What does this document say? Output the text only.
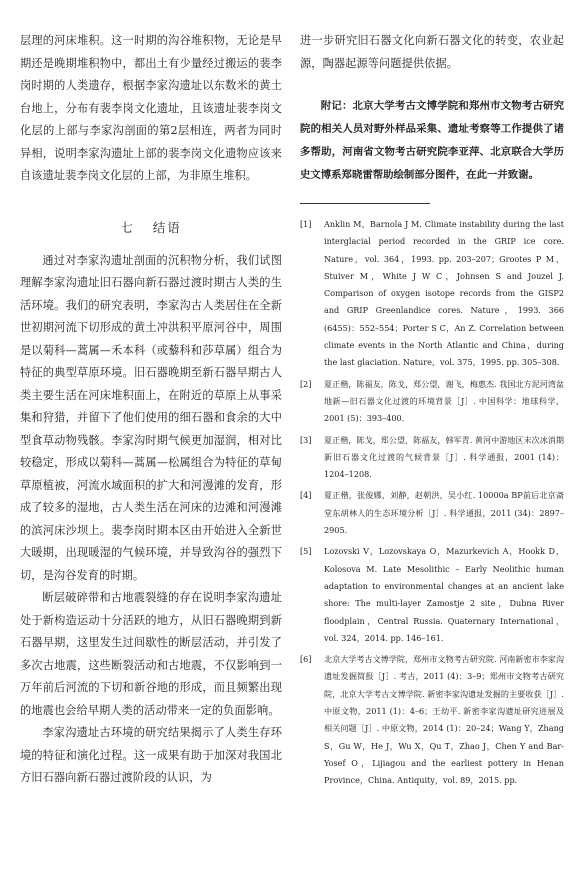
层理的河床堆积。这一时期的沟谷堆积物，无论是早期还是晚期堆积物中，都出土有少量经过搬运的裴李岗时期的人类遗存，根据李家沟遗址以东数米的黄土台地上，分布有裴李岗文化遗址，且该遗址裴李岗文化层的上部与李家沟剖面的第2层相连，两者为同时异相，说明李家沟遗址上部的裴李岗文化遗物应该来自该遗址裴李岗文化层的上部，为非原生堆积。

七 结语

通过对李家沟遗址剖面的沉积物分析，我们试图理解李家沟遗址旧石器向新石器过渡时期古人类的生活环境。我们的研究表明，李家沟古人类居住在全新世初期河流下切形成的黄土冲洪积平原河谷中，周围是以菊科—蒿属—禾本科（或藜科和莎草属）组合为特征的典型草原环境。旧石器晚期至新石器早期古人类主要生活在河床堆积面上，在附近的草原上从事采集和狩猎，并留下了他们使用的细石器和食余的大中型食草动物残骸。李家沟时期气候更加湿润，相对比较稳定，形成以菊科—蒿属—松属组合为特征的草甸草原植被，河流水域面积的扩大和河漫滩的发育，形成了较多的湿地，古人类生活在河床的边滩和河漫滩的滨河床沙坝上。裴李岗时期本区由开始进入全新世大暖期，出现暖湿的气候环境，并导致沟谷的强烈下切，是沟谷发育的时期。

断层破碎带和古地震裂缝的存在说明李家沟遗址处于新构造运动十分活跃的地方，从旧石器晚期到新石器早期，这里发生过间歇性的断层活动，并引发了多次古地震，这些断裂活动和古地震，不仅影响到一万年前后河流的下切和新谷地的形成，而且频繁出现的地震也会给早期人类的活动带来一定的负面影响。

李家沟遗址古环境的研究结果揭示了人类生存环境的特征和演化过程。这一成果有助于加深对我国北方旧石器向新石器过渡阶段的认识，为

进一步研究旧石器文化向新石器文化的转变，农业起源，陶器起源等问题提供依据。

附记：北京大学考古文博学院和郑州市文物考古研究院的相关人员对野外样品采集、遗址考察等工作提供了诸多帮助，河南省文物考古研究院李亚萍、北京联合大学历史文博系郑晓雷帮助绘制部分图件，在此一并致谢。

[1]	Anklin M，Barnola J M. Climate instability during the last interglacial period recorded in the GRIP ice core. Nature，vol. 364，1993. pp. 203–207；Grootes P M，Stuiver M，White J W C，Johnsen S and Jouzel J. Comparison of oxygen isotope records from the GISP2 and GRIP Greenlandice cores. Nature，1993. 366 (6455)：552–554；Porter S C，An Z. Correlation between climate events in the North Atlantic and China，during the last glaciation. Nature，vol. 375，1995. pp. 305–308.
[2]	夏正楷，陈福友，陈戈，郑公望，谢飞，梅惠杰. 我国北方泥河湾盆地新—旧石器文化过渡的环境背景［J］. 中国科学：地球科学，2001 (5)：393–400.
[3]	夏正楷，陈戈，郑公望，陈福友，韩军青. 黄河中游地区末次冰消期新旧石器文化过渡的气候背景［J］. 科学通报，2001 (14)：1204–1208.
[4]	夏正楷，张俊娜，刘静，赵朝洪，吴小红. 10000a BP前后北京斋堂东胡林人的生态环境分析［J］. 科学通报，2011 (34)：2897–2905.
[5]	Lozovski V，Lozovskaya O，Mazurkevich A，Hookk D，Kolosova M. Late Mesolithic – Early Neolithic human adaptation to environmental changes at an ancient lake shore: The multi-layer Zamostje 2 site，Dubna River floodplain，Central Russia. Quaternary International，vol. 324，2014. pp. 146–161.
[6]	北京大学考古文博学院，郑州市文物考古研究院. 河南新密市李家沟遗址发掘简报［J］. 考古，2011 (4)：3–9；郑州市文物考古研究院，北京大学考古文博学院. 新密李家沟遗址发掘的主要收获［J］. 中原文物，2011 (1)：4–6；王幼平. 新密李家沟遗址研究进展及相关问题［J］. 中原文物，2014 (1)：20–24；Wang Y，Zhang S，Gu W，He J，Wu X，Qu T，Zhao J，Chen Y and Bar-Yosef O，Lijiagou and the earliest pottery in Henan Province，China. Antiquity，vol. 89，2015. pp.
